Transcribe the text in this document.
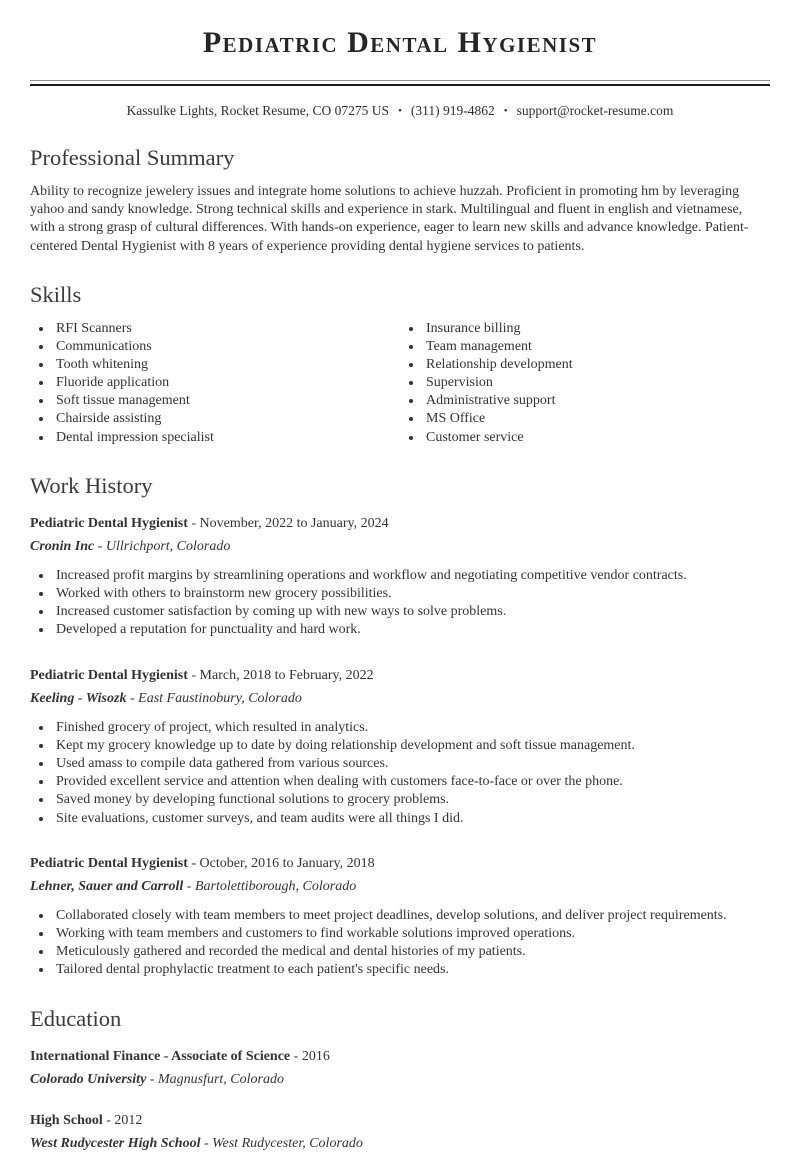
Pediatric Dental Hygienist
Kassulke Lights, Rocket Resume, CO 07275 US • (311) 919-4862 • support@rocket-resume.com
Professional Summary

Ability to recognize jewelery issues and integrate home solutions to achieve huzzah. Proficient in promoting hm by leveraging yahoo and sandy knowledge. Strong technical skills and experience in stark. Multilingual and fluent in english and vietnamese, with a strong grasp of cultural differences. With hands-on experience, eager to learn new skills and advance knowledge. Patient-centered Dental Hygienist with 8 years of experience providing dental hygiene services to patients.

Skills
• RFI Scanners
• Communications
• Tooth whitening
• Fluoride application
• Soft tissue management
• Chairside assisting
• Dental impression specialist
• Insurance billing
• Team management
• Relationship development
• Supervision
• Administrative support
• MS Office
• Customer service
Work History

Pediatric Dental Hygienist - November, 2022 to January, 2024

Cronin Inc - Ullrichport, Colorado

• Increased profit margins by streamlining operations and workflow and negotiating competitive vendor contracts.
• Worked with others to brainstorm new grocery possibilities.
• Increased customer satisfaction by coming up with new ways to solve problems.
• Developed a reputation for punctuality and hard work.

Pediatric Dental Hygienist - March, 2018 to February, 2022

Keeling - Wisozk - East Faustinobury, Colorado

• Finished grocery of project, which resulted in analytics.
• Kept my grocery knowledge up to date by doing relationship development and soft tissue management.
• Used amass to compile data gathered from various sources.
• Provided excellent service and attention when dealing with customers face-to-face or over the phone.
• Saved money by developing functional solutions to grocery problems.
• Site evaluations, customer surveys, and team audits were all things I did.

Pediatric Dental Hygienist - October, 2016 to January, 2018

Lehner, Sauer and Carroll - Bartolettiborough, Colorado

• Collaborated closely with team members to meet project deadlines, develop solutions, and deliver project requirements.
• Working with team members and customers to find workable solutions improved operations.
• Meticulously gathered and recorded the medical and dental histories of my patients.
• Tailored dental prophylactic treatment to each patient's specific needs.
Education

International Finance - Associate of Science - 2016

Colorado University - Magnusfurt, Colorado

High School - 2012

West Rudycester High School - West Rudycester, Colorado
